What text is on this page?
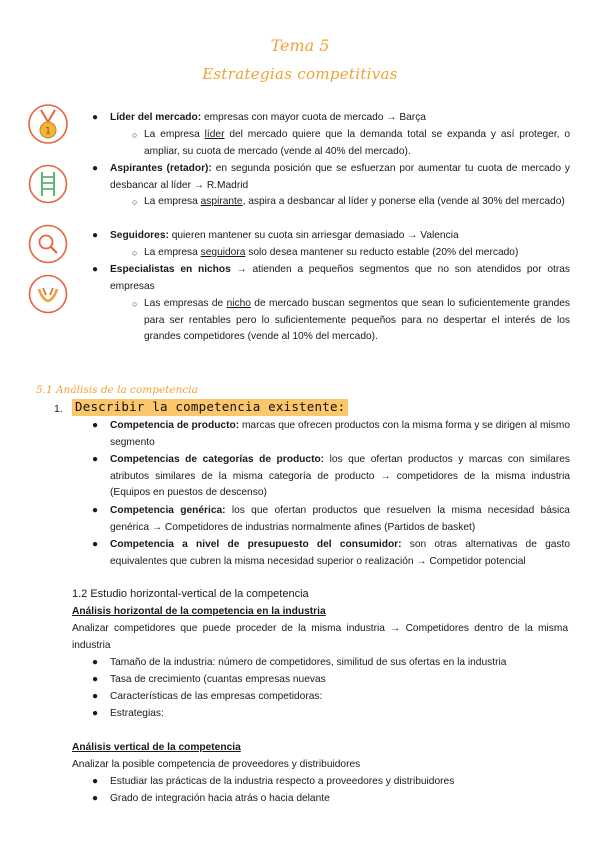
Tema 5
Estrategias competitivas
1
● Líder del mercado: empresas con mayor cuota de mercado → Barça
○ La empresa líder del mercado quiere que la demanda total se expanda y así proteger, o ampliar, su cuota de mercado (vende al 40% del mercado).
● Aspirantes (retador): en segunda posición que se esfuerzan por aumentar tu cuota de mercado y desbancar al líder → R.Madrid
○ La empresa aspirante, aspira a desbancar al líder y ponerse ella (vende al 30% del mercado)
● Seguidores: quieren mantener su cuota sin arriesgar demasiado → Valencia
○ La empresa seguidora solo desea mantener su reducto estable (20% del mercado)
● Especialistas en nichos → atienden a pequeños segmentos que no son atendidos por otras empresas
○ Las empresas de nicho de mercado buscan segmentos que sean lo suficientemente grandes para ser rentables pero lo suficientemente pequeños para no despertar el interés de los grandes competidores (vende al 10% del mercado).
5.1 Análisis de la competencia
1. Describir la competencia existente:
● Competencia de producto: marcas que ofrecen productos con la misma forma y se dirigen al mismo segmento
● Competencias de categorías de producto: los que ofertan productos y marcas con similares atributos similares de la misma categoría de producto → competidores de la misma industria (Equipos en puestos de descenso)
● Competencia genérica: los que ofertan productos que resuelven la misma necesidad básica genérica → Competidores de industrias normalmente afines (Partidos de basket)
● Competencia a nivel de presupuesto del consumidor: son otras alternativas de gasto equivalentes que cubren la misma necesidad superior o realización → Competidor potencial
1.2 Estudio horizontal-vertical de la competencia
Análisis horizontal de la competencia en la industria
Analizar competidores que puede proceder de la misma industria → Competidores dentro de la misma industria
● Tamaño de la industria: número de competidores, similitud de sus ofertas en la industria
● Tasa de crecimiento (cuantas empresas nuevas
● Características de las empresas competidoras:
● Estrategias:
Análisis vertical de la competencia
Analizar la posible competencia de proveedores y distribuidores
● Estudiar las prácticas de la industria respecto a proveedores y distribuidores
● Grado de integración hacia atrás o hacia delante
